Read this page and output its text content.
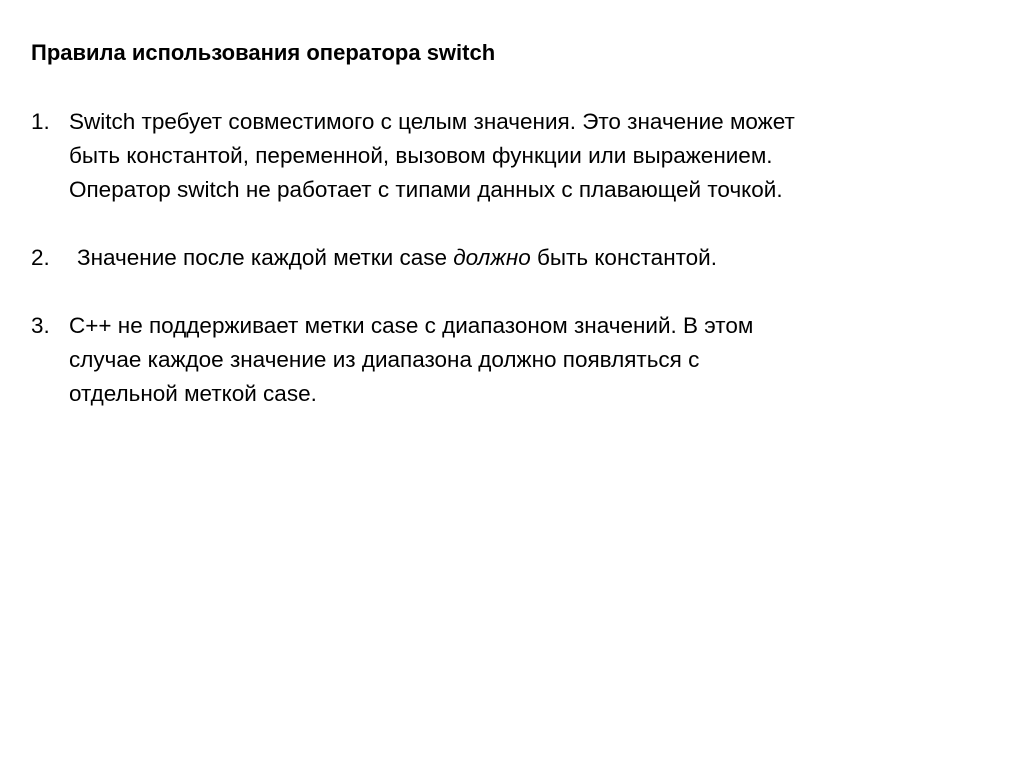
Правила использования оператора switch
1. Switch требует совместимого с целым значения. Это значение может
быть константой, переменной, вызовом функции или выражением.
Оператор switch не работает с типами данных с плавающей точкой.
2.	Значение после каждой метки case должно быть константой.
3. C++ не поддерживает метки case с диапазоном значений. В этом
случае каждое значение из диапазона должно появляться с
отдельной меткой case.
